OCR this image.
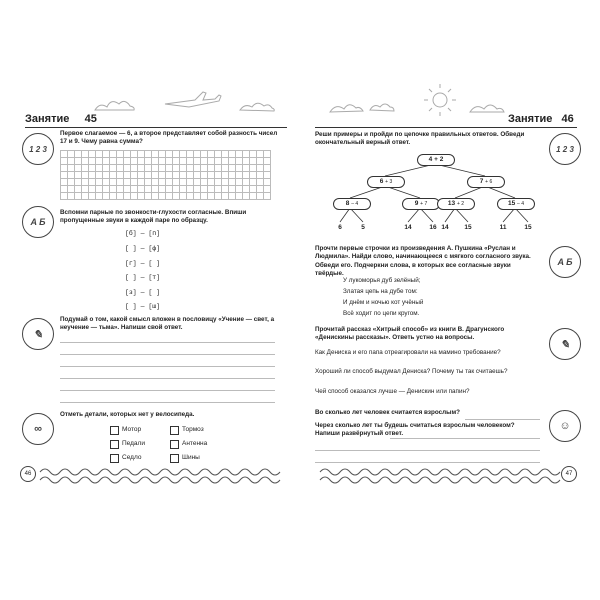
Занятие 45
1 2 3
Первое слагаемое — 6, а второе представляет собой разность чисел 17 и 9. Чему равна сумма?
A Б
Вспомни парные по звонкости-глухости согласные. Впиши пропущенные звуки в каждой паре по образцу.
[б] — [п]
[ ] — [ф]
[г] — [ ]
[ ] — [т]
[з] — [ ]
[ ] — [ш]
✎
Подумай о том, какой смысл вложен в пословицу «Учение — свет, а неучение — тьма». Напиши свой ответ.
∞
Отметь детали, которых нет у велосипеда.
Мотор	Тормоз
Педали	Антенна
Седло	Шины
Занятие 46
1 2 3
Реши примеры и пройди по цепочке правильных ответов. Обведи окончательный верный ответ.
4 + 2
6 + 3	7 + 6
8 – 4	9 + 7	13 + 2	15 – 4
6	5	14	16 14	15	11	15
A Б
Прочти первые строчки из произведения А. Пушкина «Руслан и Людмила». Найди слово, начинающееся с мягкого согласного звука. Обведи его. Подчеркни слова, в которых все согласные звуки твёрдые.
У лукоморья дуб зелёный;
Златая цепь на дубе том:
И днём и ночью кот учёный
Всё ходит по цепи кругом.
✎
Прочитай рассказ «Хитрый способ» из книги В. Драгунского «Денискины рассказы». Ответь устно на вопросы.
Как Дениска и его папа отреагировали на мамино требование?
Хороший ли способ выдумал Дениска? Почему ты так считаешь?
Чей способ оказался лучше — Денискин или папин?
☺
Во сколько лет человек считается взрослым?
Через сколько лет ты будешь считаться взрослым человеком? Напиши развёрнутый ответ.
46	47
